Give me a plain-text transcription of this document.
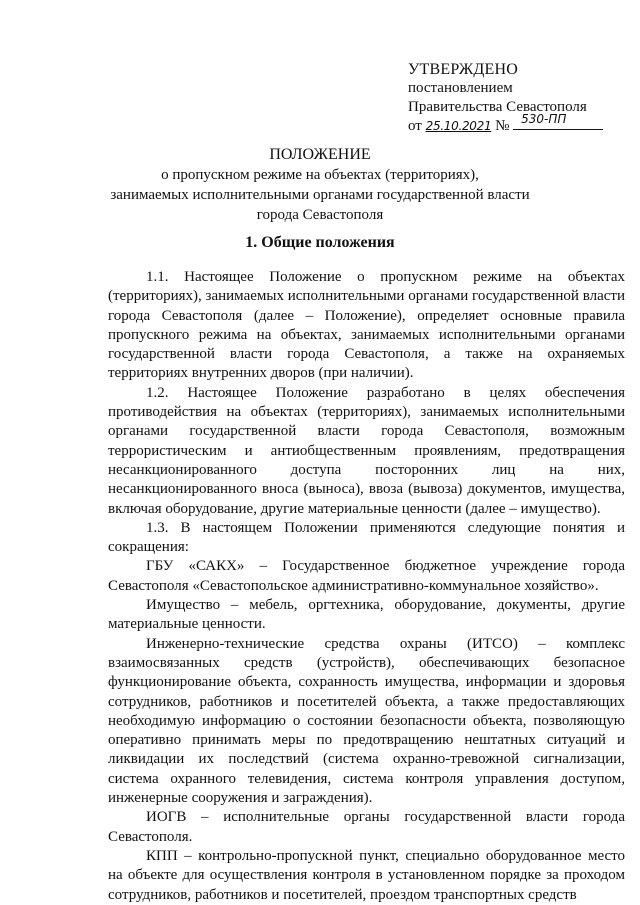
УТВЕРЖДЕНО
постановлением
Правительства Севастополя
от 25.10.2021 № 530-ПП
ПОЛОЖЕНИЕ
о пропускном режиме на объектах (территориях),
занимаемых исполнительными органами государственной власти
города Севастополя
1. Общие положения

1.1. Настоящее Положение о пропускном режиме на объектах (территориях), занимаемых исполнительными органами государственной власти города Севастополя (далее – Положение), определяет основные правила пропускного режима на объектах, занимаемых исполнительными органами государственной власти города Севастополя, а также на охраняемых территориях внутренних дворов (при наличии).

1.2. Настоящее Положение разработано в целях обеспечения противодействия на объектах (территориях), занимаемых исполнительными органами государственной власти города Севастополя, возможным террористическим и антиобщественным проявлениям, предотвращения несанкционированного доступа посторонних лиц на них, несанкционированного вноса (выноса), ввоза (вывоза) документов, имущества, включая оборудование, другие материальные ценности (далее – имущество).

1.3. В настоящем Положении применяются следующие понятия и сокращения:

ГБУ «САКХ» – Государственное бюджетное учреждение города Севастополя «Севастопольское административно-коммунальное хозяйство».

Имущество – мебель, оргтехника, оборудование, документы, другие материальные ценности.

Инженерно-технические средства охраны (ИТСО) – комплекс взаимосвязанных средств (устройств), обеспечивающих безопасное функционирование объекта, сохранность имущества, информации и здоровья сотрудников, работников и посетителей объекта, а также предоставляющих необходимую информацию о состоянии безопасности объекта, позволяющую оперативно принимать меры по предотвращению нештатных ситуаций и ликвидации их последствий (система охранно-тревожной сигнализации, система охранного телевидения, система контроля управления доступом, инженерные сооружения и заграждения).

ИОГВ – исполнительные органы государственной власти города Севастополя.

КПП – контрольно-пропускной пункт, специально оборудованное место на объекте для осуществления контроля в установленном порядке за проходом сотрудников, работников и посетителей, проездом транспортных средств
